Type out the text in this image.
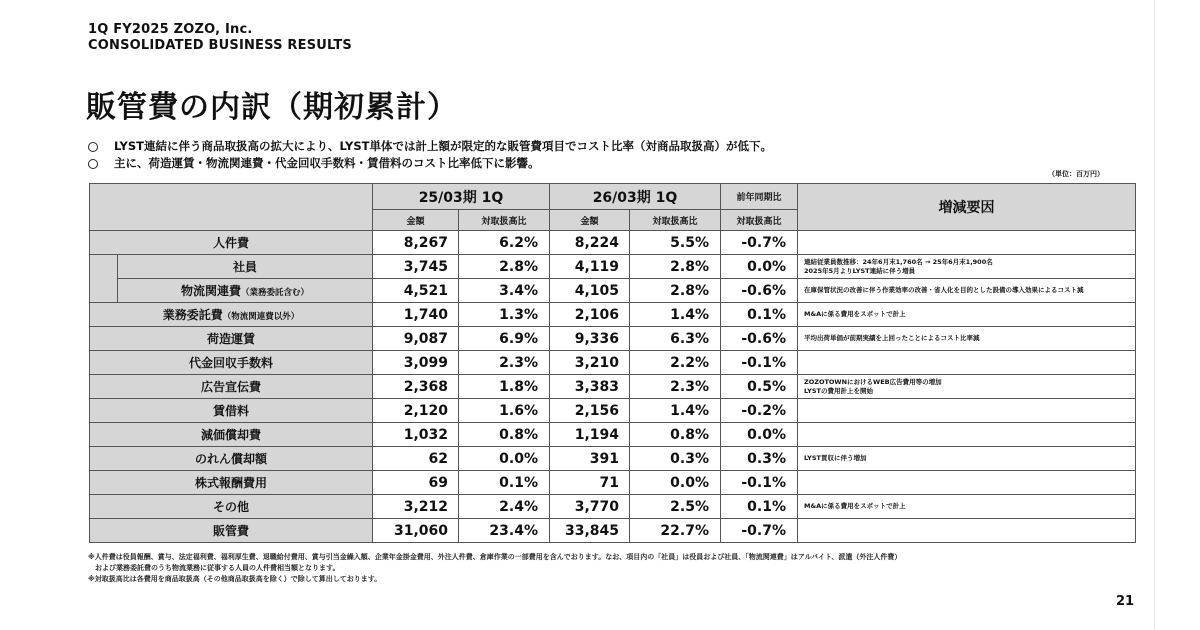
1Q FY2025 ZOZO, Inc.
CONSOLIDATED BUSINESS RESULTS
販管費の内訳（期初累計）
LYST連結に伴う商品取扱高の拡大により、LYST単体では計上額が限定的な販管費項目でコスト比率（対商品取扱高）が低下。
主に、荷造運賃・物流関連費・代金回収手数料・賃借料のコスト比率低下に影響。
（単位：百万円）
		25/03期 1Q		26/03期 1Q		前年同期比	増減要因
		金額	対取扱高比	金額	対取扱高比	対取扱高比	
人件費		8,267	6.2%	8,224	5.5%	-0.7%	
	社員	3,745	2.8%	4,119	2.8%	0.0%	連結従業員数推移：24年6月末1,760名 → 25年6月末1,900名
2025年5月よりLYST連結に伴う増員

	物流関連費（業務委託含む）	4,521	3.4%	4,105	2.8%	-0.6%	在庫保管状況の改善に伴う作業効率の改善・省人化を目的とした設備の導入効果によるコスト減
業務委託費（物流関連費以外）		1,740	1.3%	2,106	1.4%	0.1%	M&Aに係る費用をスポットで計上
荷造運賃		9,087	6.9%	9,336	6.3%	-0.6%	平均出荷単価が前期実績を上回ったことによるコスト比率減
代金回収手数料		3,099	2.3%	3,210	2.2%	-0.1%	
広告宣伝費		2,368	1.8%	3,383	2.3%	0.5%	ZOZOTOWNにおけるWEB広告費用等の増加
LYSTの費用計上を開始

賃借料		2,120	1.6%	2,156	1.4%	-0.2%	
減価償却費		1,032	0.8%	1,194	0.8%	0.0%	
のれん償却額		62	0.0%	391	0.3%	0.3%	LYST買収に伴う増加
株式報酬費用		69	0.1%	71	0.0%	-0.1%	
その他		3,212	2.4%	3,770	2.5%	0.1%	M&Aに係る費用をスポットで計上
販管費		31,060	23.4%	33,845	22.7%	-0.7%	
※人件費は役員報酬、賞与、法定福利費、福利厚生費、退職給付費用、賞与引当金繰入額、企業年金掛金費用、外注人件費、倉庫作業の一部費用を含んでおります。なお、項目内の「社員」は役員および社員、「物流関連費」はアルバイト、派遣（外注人件費）
　および業務委託費のうち物流業務に従事する人員の人件費相当額となります。
※対取扱高比は各費用を商品取扱高（その他商品取扱高を除く）で除して算出しております。
21
